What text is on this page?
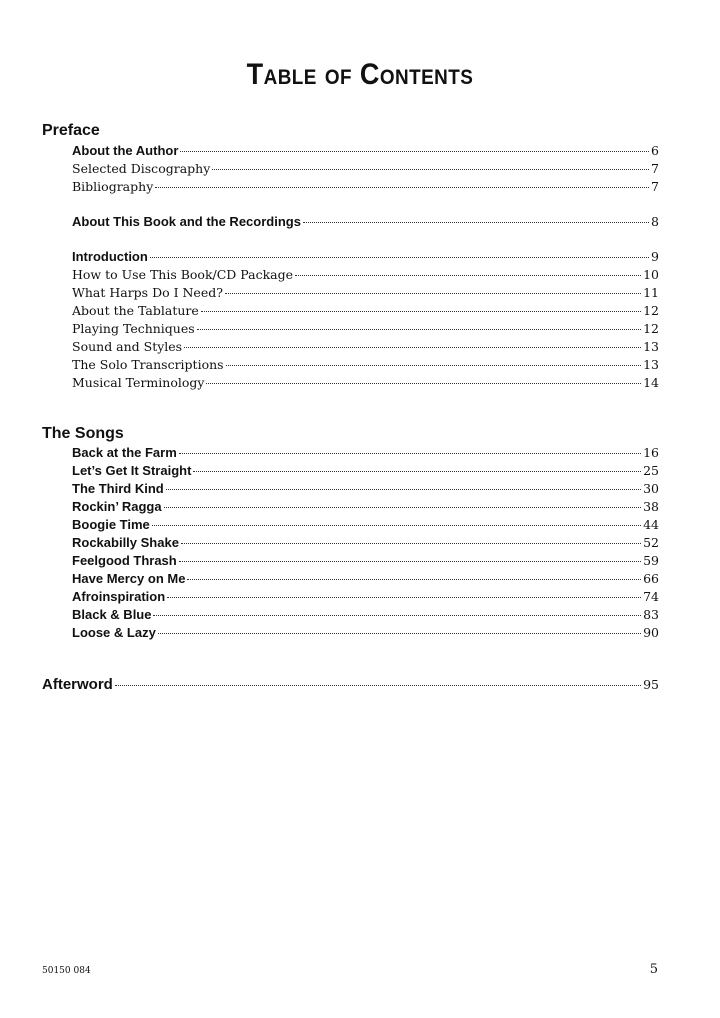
Table of Contents
Preface
About the Author	6
Selected Discography	7
Bibliography	7
About This Book and the Recordings	8
Introduction	9
How to Use This Book/CD Package	10
What Harps Do I Need?	11
About the Tablature	12
Playing Techniques	12
Sound and Styles	13
The Solo Transcriptions	13
Musical Terminology	14
The Songs
Back at the Farm	16
Let’s Get It Straight	25
The Third Kind	30
Rockin’ Ragga	38
Boogie Time	44
Rockabilly Shake	52
Feelgood Thrash	59
Have Mercy on Me	66
Afroinspiration	74
Black & Blue	83
Loose & Lazy	90
Afterword	95
50150 084	5
